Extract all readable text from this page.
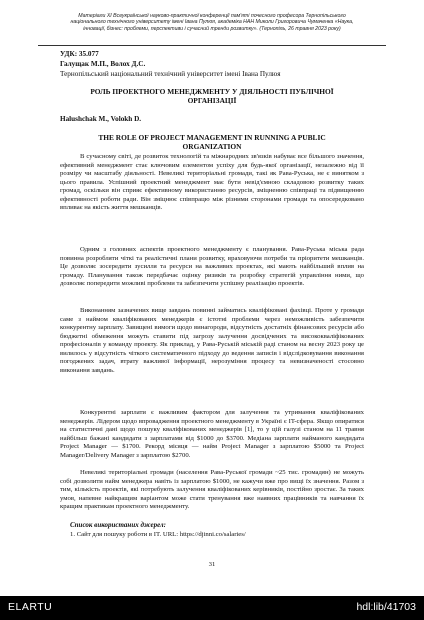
Матеріали ХІ Всеукраїнської науково-практичної конференції пам'яті почесного професора Тернопільського
національного технічного університету імені Івана Пулюя, академіка НАН Миколи Григоровича Чумаченка «Наука,
інновації, бізнес: проблеми, перспективи і сучасний тренди розвитку». (Тернопіль, 26 травня 2023 року)
УДК: 35.077
Галущак М.П., Волох Д.С.
Тернопільський національний технічний університет імені Івана Пулюя
РОЛЬ ПРОЕКТНОГО МЕНЕДЖМЕНТУ У ДІЯЛЬНОСТІ ПУБЛІЧНОЇ
ОРГАНІЗАЦІЇ
Halushchak M., Volokh D.
THE ROLE OF PROJECT MANAGEMENT IN RUNNING A PUBLIC
ORGANIZATION
В сучасному світі, де розвиток технологій та міжнародних зв'язків набуває все більшого значення, ефективний менеджмент стає ключовим елементом успіху для будь-якої організації, незалежно від її розміру чи масштабу діяльності. Невеликі територіальні громади, такі як Рава-Руська, не є винятком з цього правила. Успішний проектний менеджмент має бути невід'ємною складовою розвитку таких громад, оскільки він сприяє ефективному використанню ресурсів, зміцненню співпраці та підвищенню ефективності роботи ради. Він зміцнює співпрацю між різними сторонами громади та опосередковано впливає на якість життя мешканців.
Одним з головних аспектів проектного менеджменту є планування. Рава-Руська міська рада повинна розробляти чіткі та реалістичні плани розвитку, враховуючи потреби та пріоритети мешканців. Це дозволяє зосередити зусилля та ресурси на важливих проектах, які мають найбільший вплив на громаду. Планування також передбачає оцінку ризиків та розробку стратегій управління ними, що дозволяє попередити можливі проблеми та забезпечити успішну реалізацію проектів.
Виконанням зазначених вище завдань повинні займатись кваліфіковані фахівці. Проте у громади саме з наймом кваліфікованих менеджерів є істотні проблеми через неможливість забезпечити конкурентну зарплату. Завищені вимоги щодо винагороди, відсутність достатніх фінансових ресурсів або бюджетні обмеження можуть ставити під загрозу залучення досвідчених та висококваліфікованих професіоналів у команду проекту. Як приклад, у Рава-Руській міській раді станом на весну 2023 року це вилилось у відсутність чіткого систематичного підходу до ведення записів і відслідковування виконання погоджених задач, втрату важливої інформації, нерозуміння процесу та невизначеності стосовно виконання завдань.
Конкурентні зарплати є важливим фактором для залучення та утримання кваліфікованих менеджерів. Лідером щодо впровадження проектного менеджменту в Україні є IT-сфера. Якщо опиратися на статистичні дані щодо пошуку кваліфікованих менеджерів [1], то у цій галузі станом на 11 травня найбільш бажані кандидати з зарплатами від $1000 до $3700. Медіана зарплати найманого кандидата Project Manager — $1700. Рекорд місяця — найм Project Manager з зарплатою $5000 та Project Manager/Delivery Manager з зарплатою $2700.
Невеликі територіальні громади (населення Рава-Руської громади ~25 тис. громадян) не можуть собі дозволити найм менеджера навіть із зарплатою $1000, не кажучи вже про вищі їх значення. Разом з тим, кількість проектів, які потребують залучення кваліфікованих керівників, постійно зростає. За таких умов, напевне найкращим варіантом може стати тренування вже наявних працівників та навчання їх кращим практикам проектного менеджменту.
Список використаних джерел:
1. Сайт для пошуку роботи в IT. URL: https://djinni.co/salaries/
31
ELARTU	hdl:lib/41703
